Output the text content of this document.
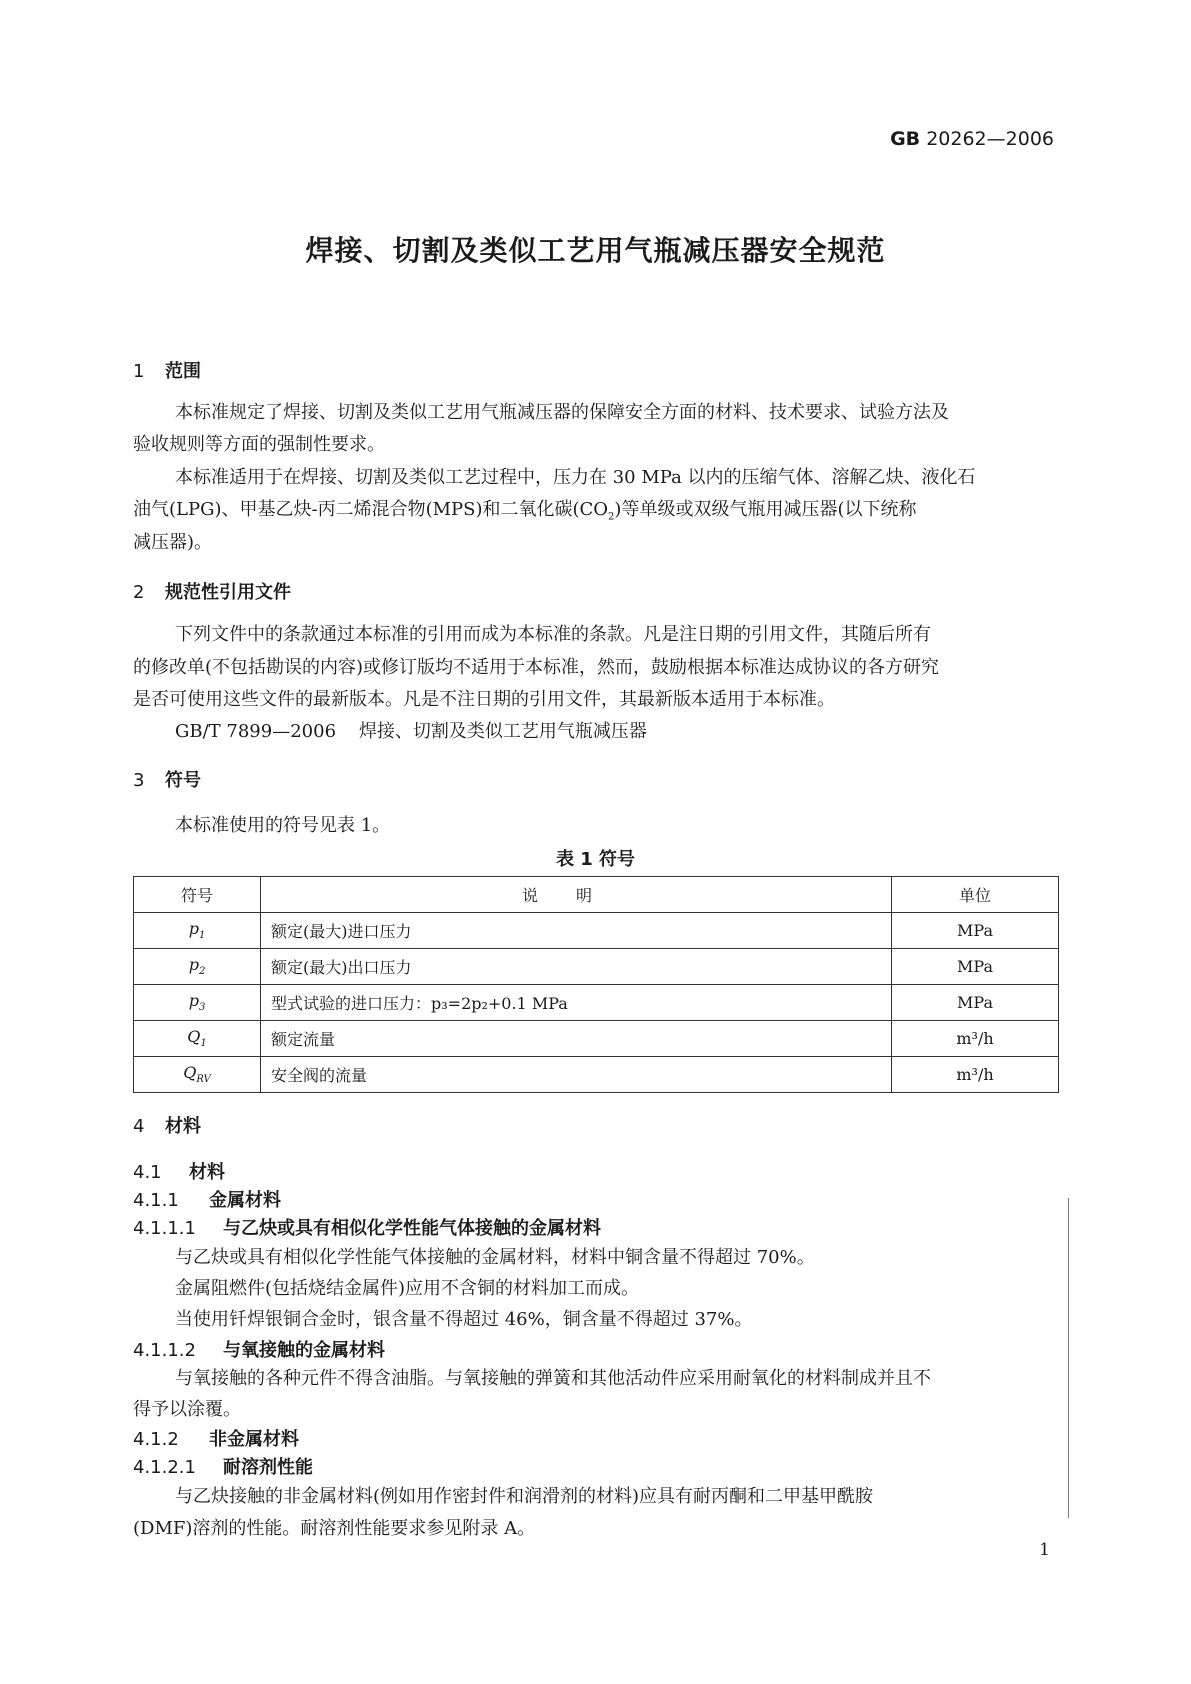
GB 20262—2006
焊接、切割及类似工艺用气瓶减压器安全规范
1 范围
本标准规定了焊接、切割及类似工艺用气瓶减压器的保障安全方面的材料、技术要求、试验方法及
验收规则等方面的强制性要求。
本标准适用于在焊接、切割及类似工艺过程中，压力在 30 MPa 以内的压缩气体、溶解乙炔、液化石
油气(LPG)、甲基乙炔-丙二烯混合物(MPS)和二氧化碳$(CO_2)$等单级或双级气瓶用减压器(以下统称
减压器)。
2 规范性引用文件
下列文件中的条款通过本标准的引用而成为本标准的条款。凡是注日期的引用文件，其随后所有
的修改单(不包括勘误的内容)或修订版均不适用于本标准，然而，鼓励根据本标准达成协议的各方研究
是否可使用这些文件的最新版本。凡是不注日期的引用文件，其最新版本适用于本标准。
GB/T 7899—2006 焊接、切割及类似工艺用气瓶减压器
3 符号
本标准使用的符号见表 1。
表 1 符号
符号	说明	单位
$p_1$	额定(最大)进口压力	MPa
$p_2$	额定(最大)出口压力	MPa
$p_3$	型式试验的进口压力：p₃=2p₂+0.1 MPa	MPa
$Q_1$	额定流量	m³/h
$Q_{RV}$	安全阀的流量	m³/h
4 材料
4.1 材料
4.1.1 金属材料
4.1.1.1 与乙炔或具有相似化学性能气体接触的金属材料
与乙炔或具有相似化学性能气体接触的金属材料，材料中铜含量不得超过 70%。
金属阻燃件(包括烧结金属件)应用不含铜的材料加工而成。
当使用钎焊银铜合金时，银含量不得超过 46%，铜含量不得超过 37%。
4.1.1.2 与氧接触的金属材料
与氧接触的各种元件不得含油脂。与氧接触的弹簧和其他活动件应采用耐氧化的材料制成并且不
得予以涂覆。
4.1.2 非金属材料
4.1.2.1 耐溶剂性能
与乙炔接触的非金属材料(例如用作密封件和润滑剂的材料)应具有耐丙酮和二甲基甲酰胺
(DMF)溶剂的性能。耐溶剂性能要求参见附录 A。
1
